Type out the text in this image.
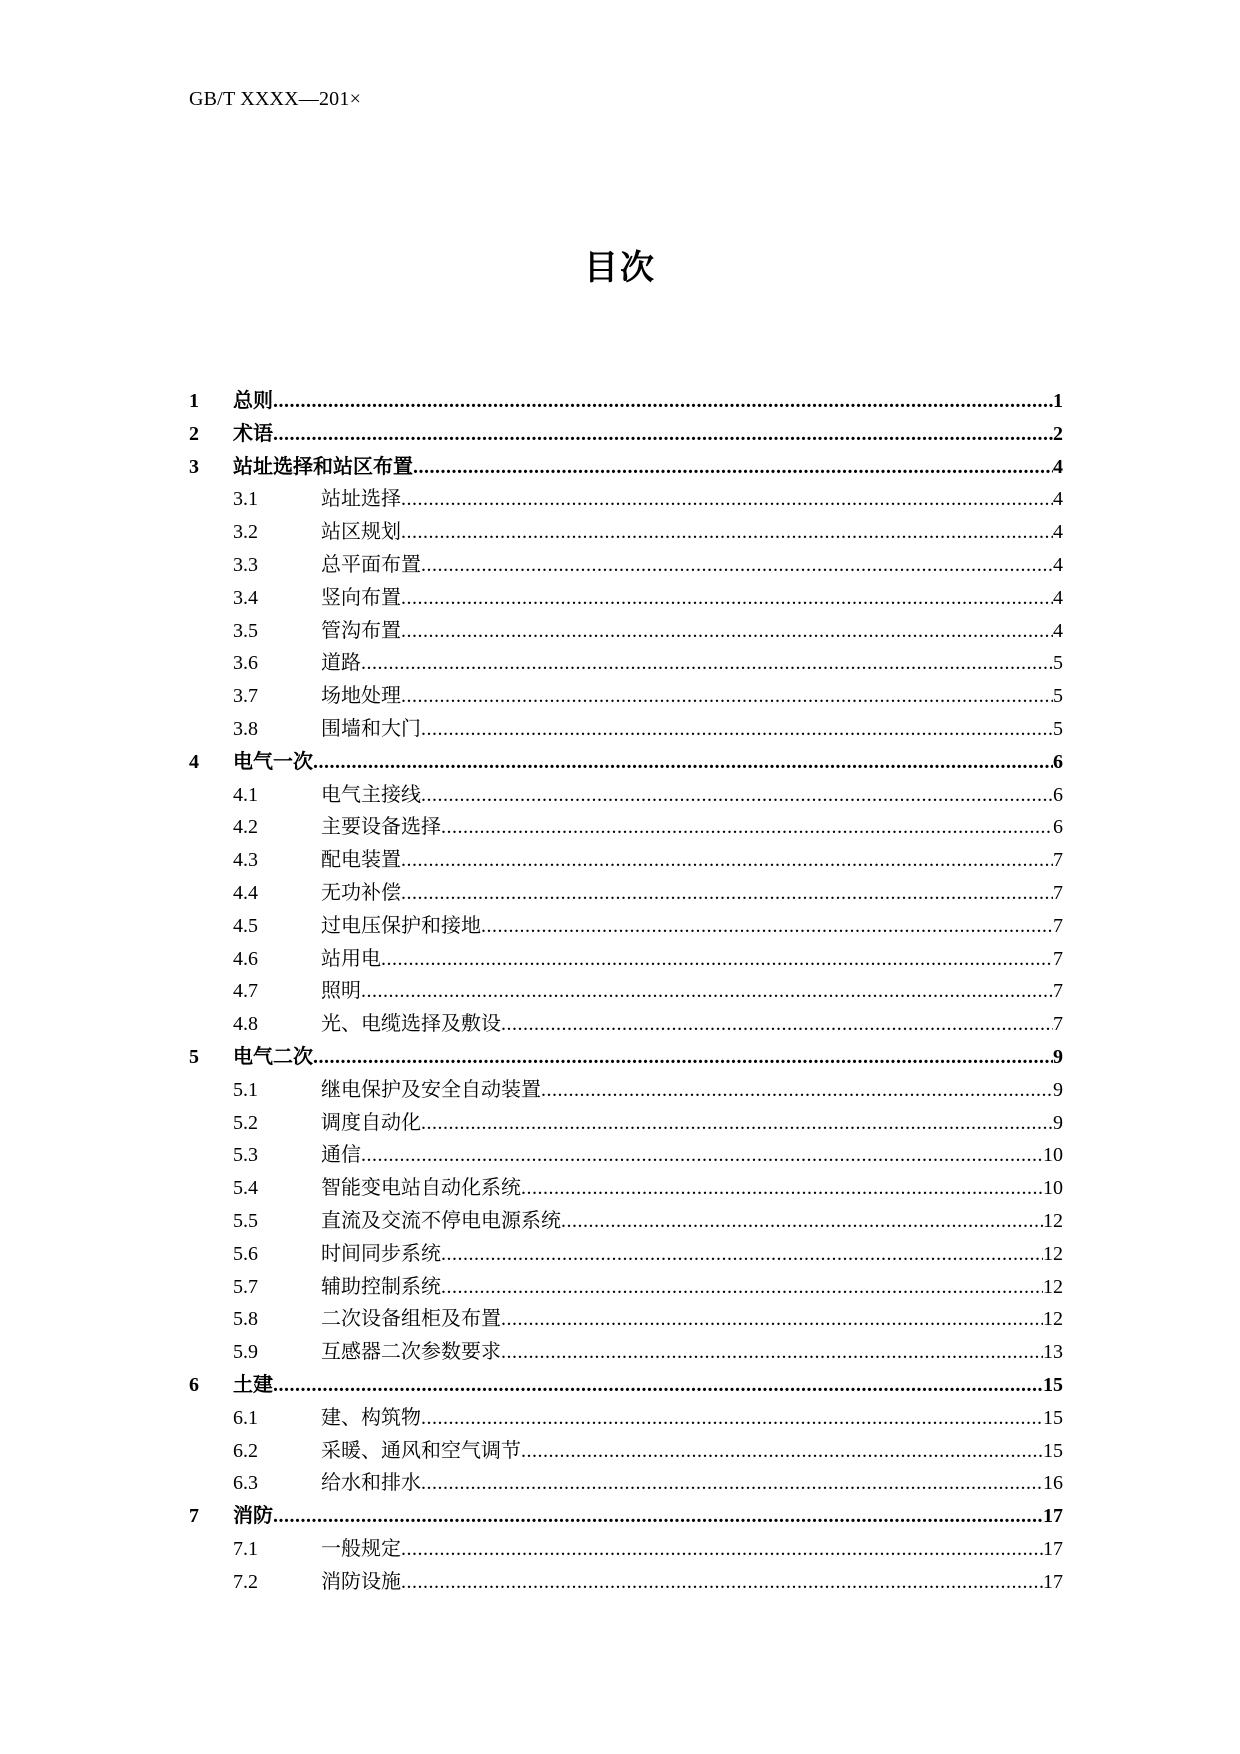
GB/T XXXX—201×
目次
1	总则 .....	1
2	术语 .....	2
3	站址选择和站区布置 .....	4
3.1	站址选择 .....	4
3.2	站区规划 .....	4
3.3	总平面布置 .....	4
3.4	竖向布置 .....	4
3.5	管沟布置 .....	4
3.6	道路 .....	5
3.7	场地处理 .....	5
3.8	围墙和大门 .....	5
4	电气一次 .....	6
4.1	电气主接线 .....	6
4.2	主要设备选择 .....	6
4.3	配电装置 .....	7
4.4	无功补偿 .....	7
4.5	过电压保护和接地 .....	7
4.6	站用电 .....	7
4.7	照明 .....	7
4.8	光、电缆选择及敷设 .....	7
5	电气二次 .....	9
5.1	继电保护及安全自动装置 .....	9
5.2	调度自动化 .....	9
5.3	通信 .....	10
5.4	智能变电站自动化系统 .....	10
5.5	直流及交流不停电电源系统 .....	12
5.6	时间同步系统 .....	12
5.7	辅助控制系统 .....	12
5.8	二次设备组柜及布置 .....	12
5.9	互感器二次参数要求 .....	13
6	土建 .....	15
6.1	建、构筑物 .....	15
6.2	采暖、通风和空气调节 .....	15
6.3	给水和排水 .....	16
7	消防 .....	17
7.1	一般规定 .....	17
7.2	消防设施 .....	17
